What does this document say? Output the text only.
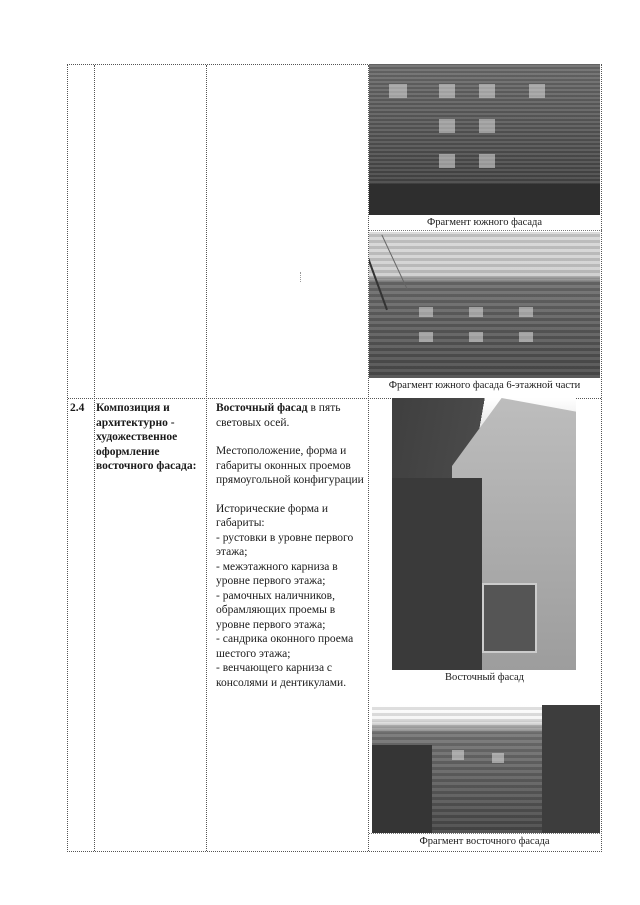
Фрагмент южного фасада
Фрагмент южного фасада 6-этажной части
2.4 Композиция и архитектурно - художественное оформление восточного фасада:
Восточный фасад в пять световых осей.
Местоположение, форма и габариты оконных проемов прямоугольной конфигурации
Исторические форма и габариты:
- рустовки в уровне первого этажа;
- межэтажного карниза в уровне первого этажа;
- рамочных наличников, обрамляющих проемы в уровне первого этажа;
- сандрика оконного проема шестого этажа;
- венчающего карниза с консолями и дентикулами.	Восточный фасад
Фрагмент восточного фасада
